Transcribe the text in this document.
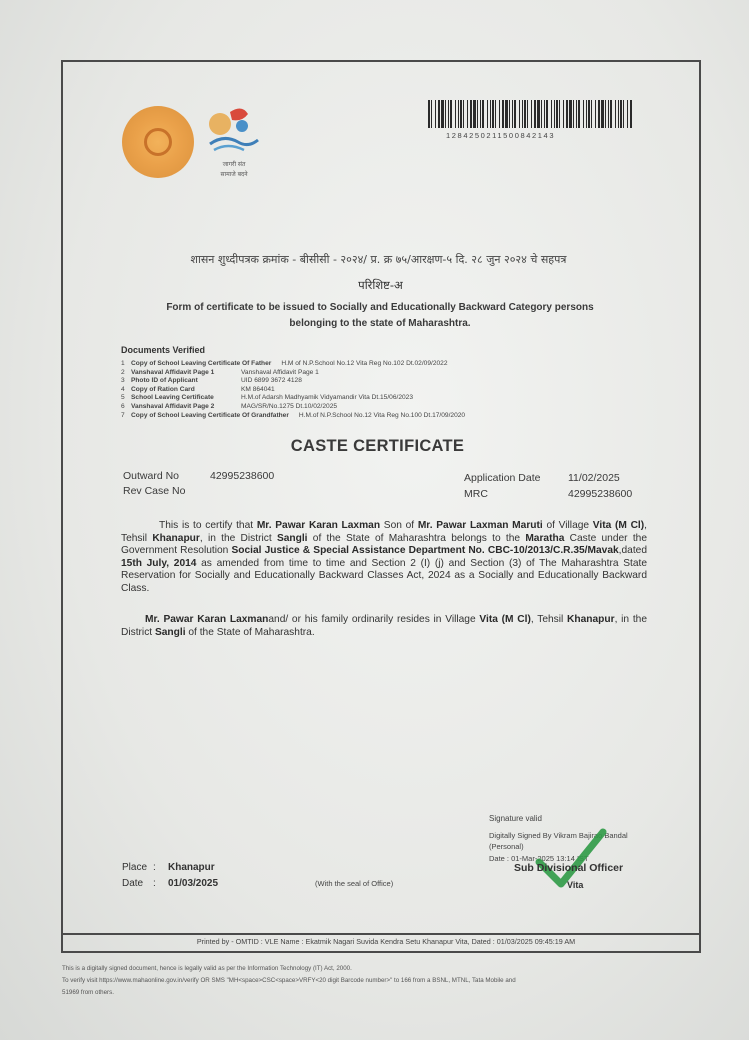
जागरी संत
सामाजे बदने
1284250211500842143
शासन शुध्दीपत्रक क्रमांक - बीसीसी - २०२४/ प्र. क्र ७५/आरक्षण-५ दि. २८ जुन २०२४ चे सहपत्र
परिशिष्ट-अ
Form of certificate to be issued to Socially and Educationally Backward Category persons
belonging to the state of Maharashtra.
Documents Verified
1 Copy of School Leaving Certificate Of Father H.M of N.P.School No.12 Vita Reg No.102 Dt.02/09/2022
2 Vanshaval Affidavit Page 1	Vanshaval Affidavit Page 1
3 Photo ID of Applicant	UID 6899 3672 4128
4 Copy of Ration Card	KM 864041
5 School Leaving Certificate	H.M.of Adarsh Madhyamik Vidyamandir Vita Dt.15/06/2023
6 Vanshaval Affidavit Page 2	MAG/SR/No.1275 Dt.10/02/2025
7 Copy of School Leaving Certificate Of Grandfather H.M.of N.P.School No.12 Vita Reg No.100 Dt.17/09/2020
CASTE CERTIFICATE
Outward No	42995238600
Rev Case No
Application Date	11/02/2025
MRC	42995238600

This is to certify that Mr. Pawar Karan Laxman Son of Mr. Pawar Laxman Maruti of Village Vita (M Cl), Tehsil Khanapur, in the District Sangli of the State of Maharashtra belongs to the Maratha Caste under the Government Resolution Social Justice & Special Assistance Department No. CBC-10/2013/C.R.35/Mavak,dated 15th July, 2014 as amended from time to time and Section 2 (I) (j) and Section (3) of The Maharashtra State Reservation for Socially and Educationally Backward Classes Act, 2024 as a Socially and Educationally Backward Class.

Mr. Pawar Karan Laxmanand/ or his family ordinarily resides in Village Vita (M Cl), Tehsil Khanapur, in the District Sangli of the State of Maharashtra.

Signature valid
Digitally Signed By Vikram Bajirao Bandal
(Personal)
Date : 01-Mar-2025 13:14 IST
Sub Divisional Officer
Vita
Place : Khanapur
Date : 01/03/2025	(With the seal of Office)
Printed by - OMTID : VLE Name : Ekatmik Nagari Suvida Kendra Setu Khanapur Vita, Dated : 01/03/2025 09:45:19 AM

This is a digitally signed document, hence is legally valid as per the Information Technology (IT) Act, 2000.

To verify visit https://www.mahaonline.gov.in/verify OR SMS "MH<space>CSC<space>VRFY<20 digit Barcode number>" to 166 from a BSNL, MTNL, Tata Mobile and

51969 from others.
